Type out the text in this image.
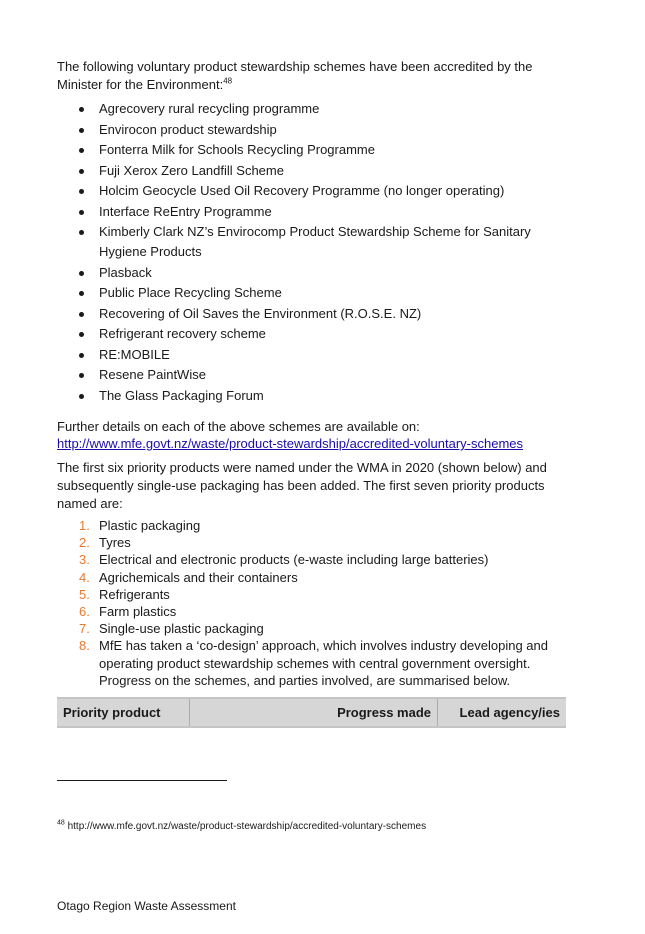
The following voluntary product stewardship schemes have been accredited by the Minister for the Environment:$^{48}$

Agrecovery rural recycling programme
Envirocon product stewardship
Fonterra Milk for Schools Recycling Programme
Fuji Xerox Zero Landfill Scheme
Holcim Geocycle Used Oil Recovery Programme (no longer operating)
Interface ReEntry Programme
Kimberly Clark NZ’s Envirocomp Product Stewardship Scheme for Sanitary Hygiene Products
Plasback
Public Place Recycling Scheme
Recovering of Oil Saves the Environment (R.O.S.E. NZ)
Refrigerant recovery scheme
RE:MOBILE
Resene PaintWise
The Glass Packaging Forum

Further details on each of the above schemes are available on:
http://www.mfe.govt.nz/waste/product-stewardship/accredited-voluntary-schemes

The first six priority products were named under the WMA in 2020 (shown below) and subsequently single-use packaging has been added. The first seven priority products named are:

1. Plastic packaging
2. Tyres
3. Electrical and electronic products (e-waste including large batteries)
4. Agrichemicals and their containers
5. Refrigerants
6. Farm plastics
7. Single-use plastic packaging
8. MfE has taken a ‘co-design’ approach, which involves industry developing and operating product stewardship schemes with central government oversight. Progress on the schemes, and parties involved, are summarised below.
Priority product	Progress made	Lead agency/ies
$^{48}$ http://www.mfe.govt.nz/waste/product-stewardship/accredited-voluntary-schemes
Otago Region Waste Assessment
